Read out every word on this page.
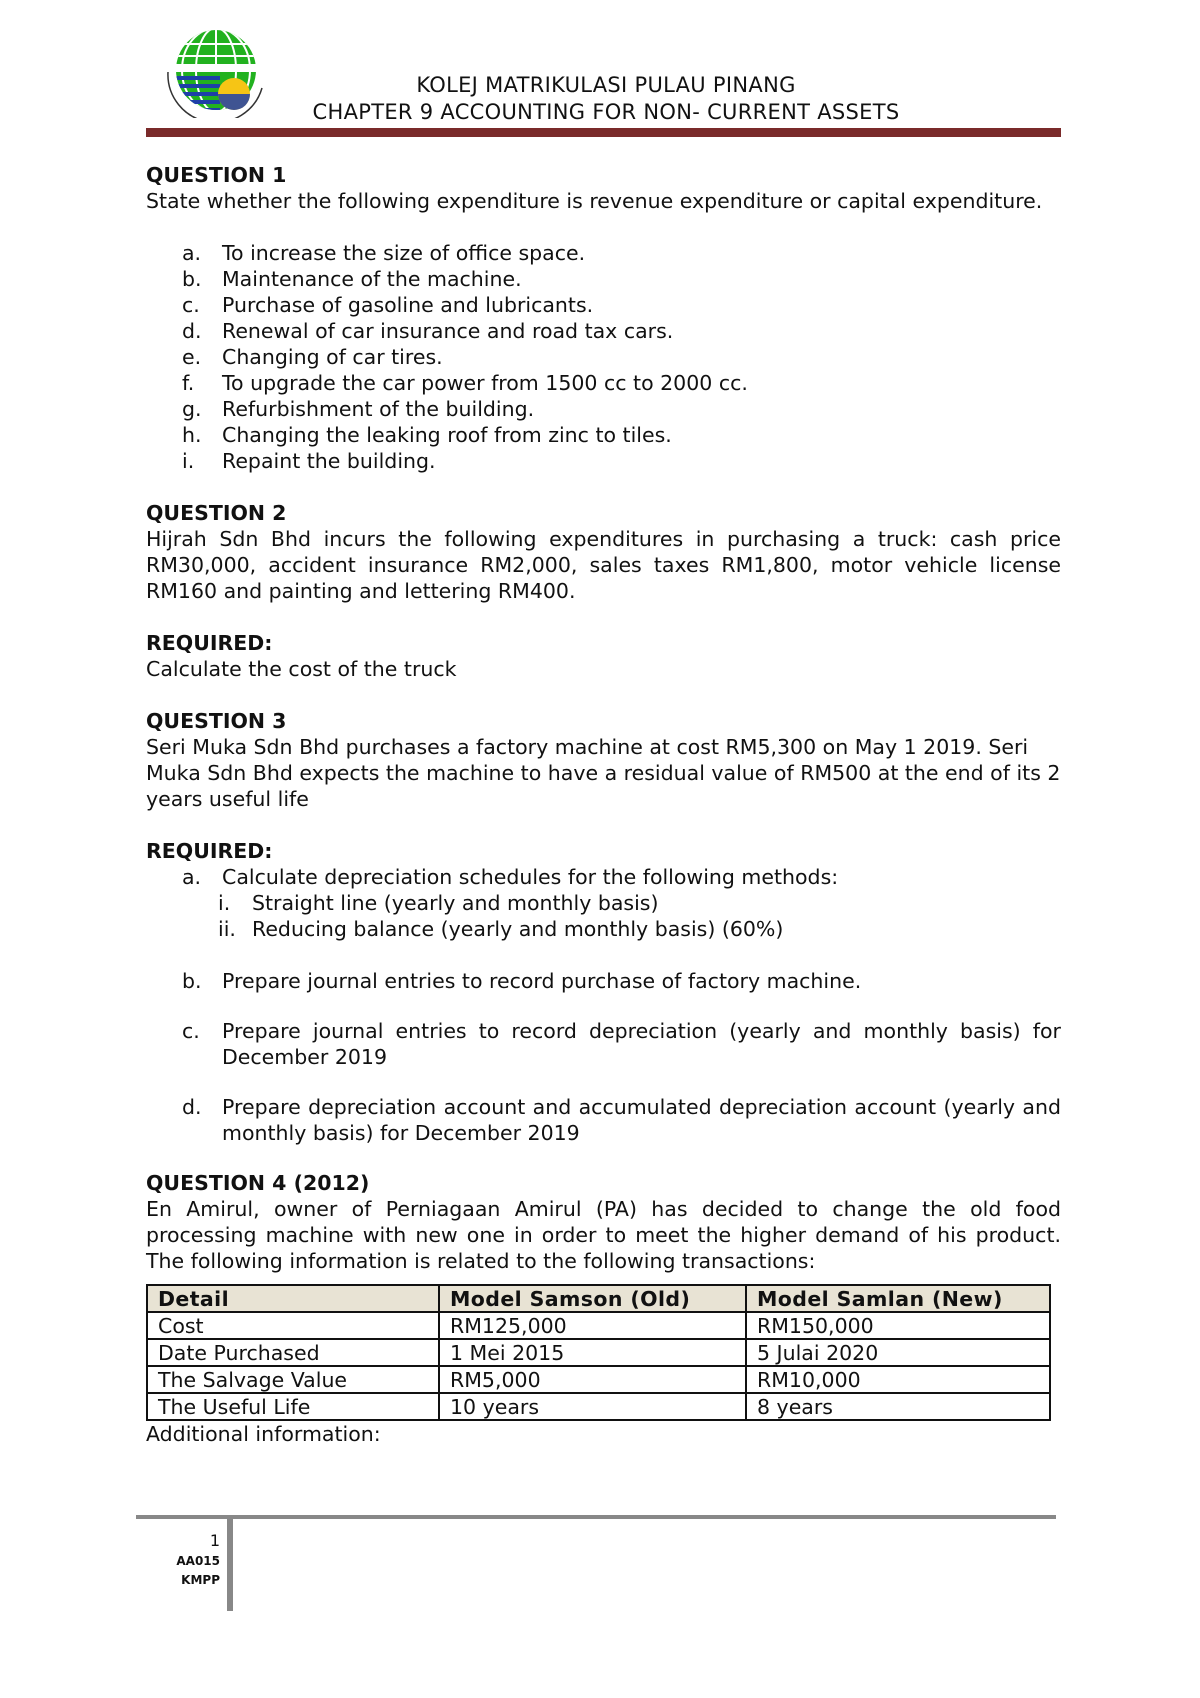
KOLEJ MATRIKULASI PULAU PINANG
CHAPTER 9 ACCOUNTING FOR NON- CURRENT ASSETS
QUESTION 1
State whether the following expenditure is revenue expenditure or capital expenditure.
a.	To increase the size of office space.
b. Maintenance of the machine.
c.	Purchase of gasoline and lubricants.
d. Renewal of car insurance and road tax cars.
e.	Changing of car tires.
f.	To upgrade the car power from 1500 cc to 2000 cc.
g. Refurbishment of the building.
h. Changing the leaking roof from zinc to tiles.
i.	Repaint the building.
QUESTION 2
Hijrah Sdn Bhd incurs the following expenditures in purchasing a truck: cash price RM30,000, accident insurance RM2,000, sales taxes RM1,800, motor vehicle license RM160 and painting and lettering RM400.
REQUIRED:
Calculate the cost of the truck
QUESTION 3
Seri Muka Sdn Bhd purchases a factory machine at cost RM5,300 on May 1 2019. Seri Muka Sdn Bhd expects the machine to have a residual value of RM500 at the end of its 2 years useful life
REQUIRED:
a.	Calculate depreciation schedules for the following methods:
i.	Straight line (yearly and monthly basis)
ii. Reducing balance (yearly and monthly basis) (60%)
b. Prepare journal entries to record purchase of factory machine.
c.	Prepare journal entries to record depreciation (yearly and monthly basis) for December 2019
d. Prepare depreciation account and accumulated depreciation account (yearly and monthly basis) for December 2019
QUESTION 4 (2012)
En Amirul, owner of Perniagaan Amirul (PA) has decided to change the old food processing machine with new one in order to meet the higher demand of his product. The following information is related to the following transactions:
Detail	Model Samson (Old)	Model Samlan (New)
Cost	RM125,000	RM150,000
Date Purchased	1 Mei 2015	5 Julai 2020
The Salvage Value	RM5,000	RM10,000
The Useful Life	10 years	8 years
Additional information:
1
AA015
KMPP
